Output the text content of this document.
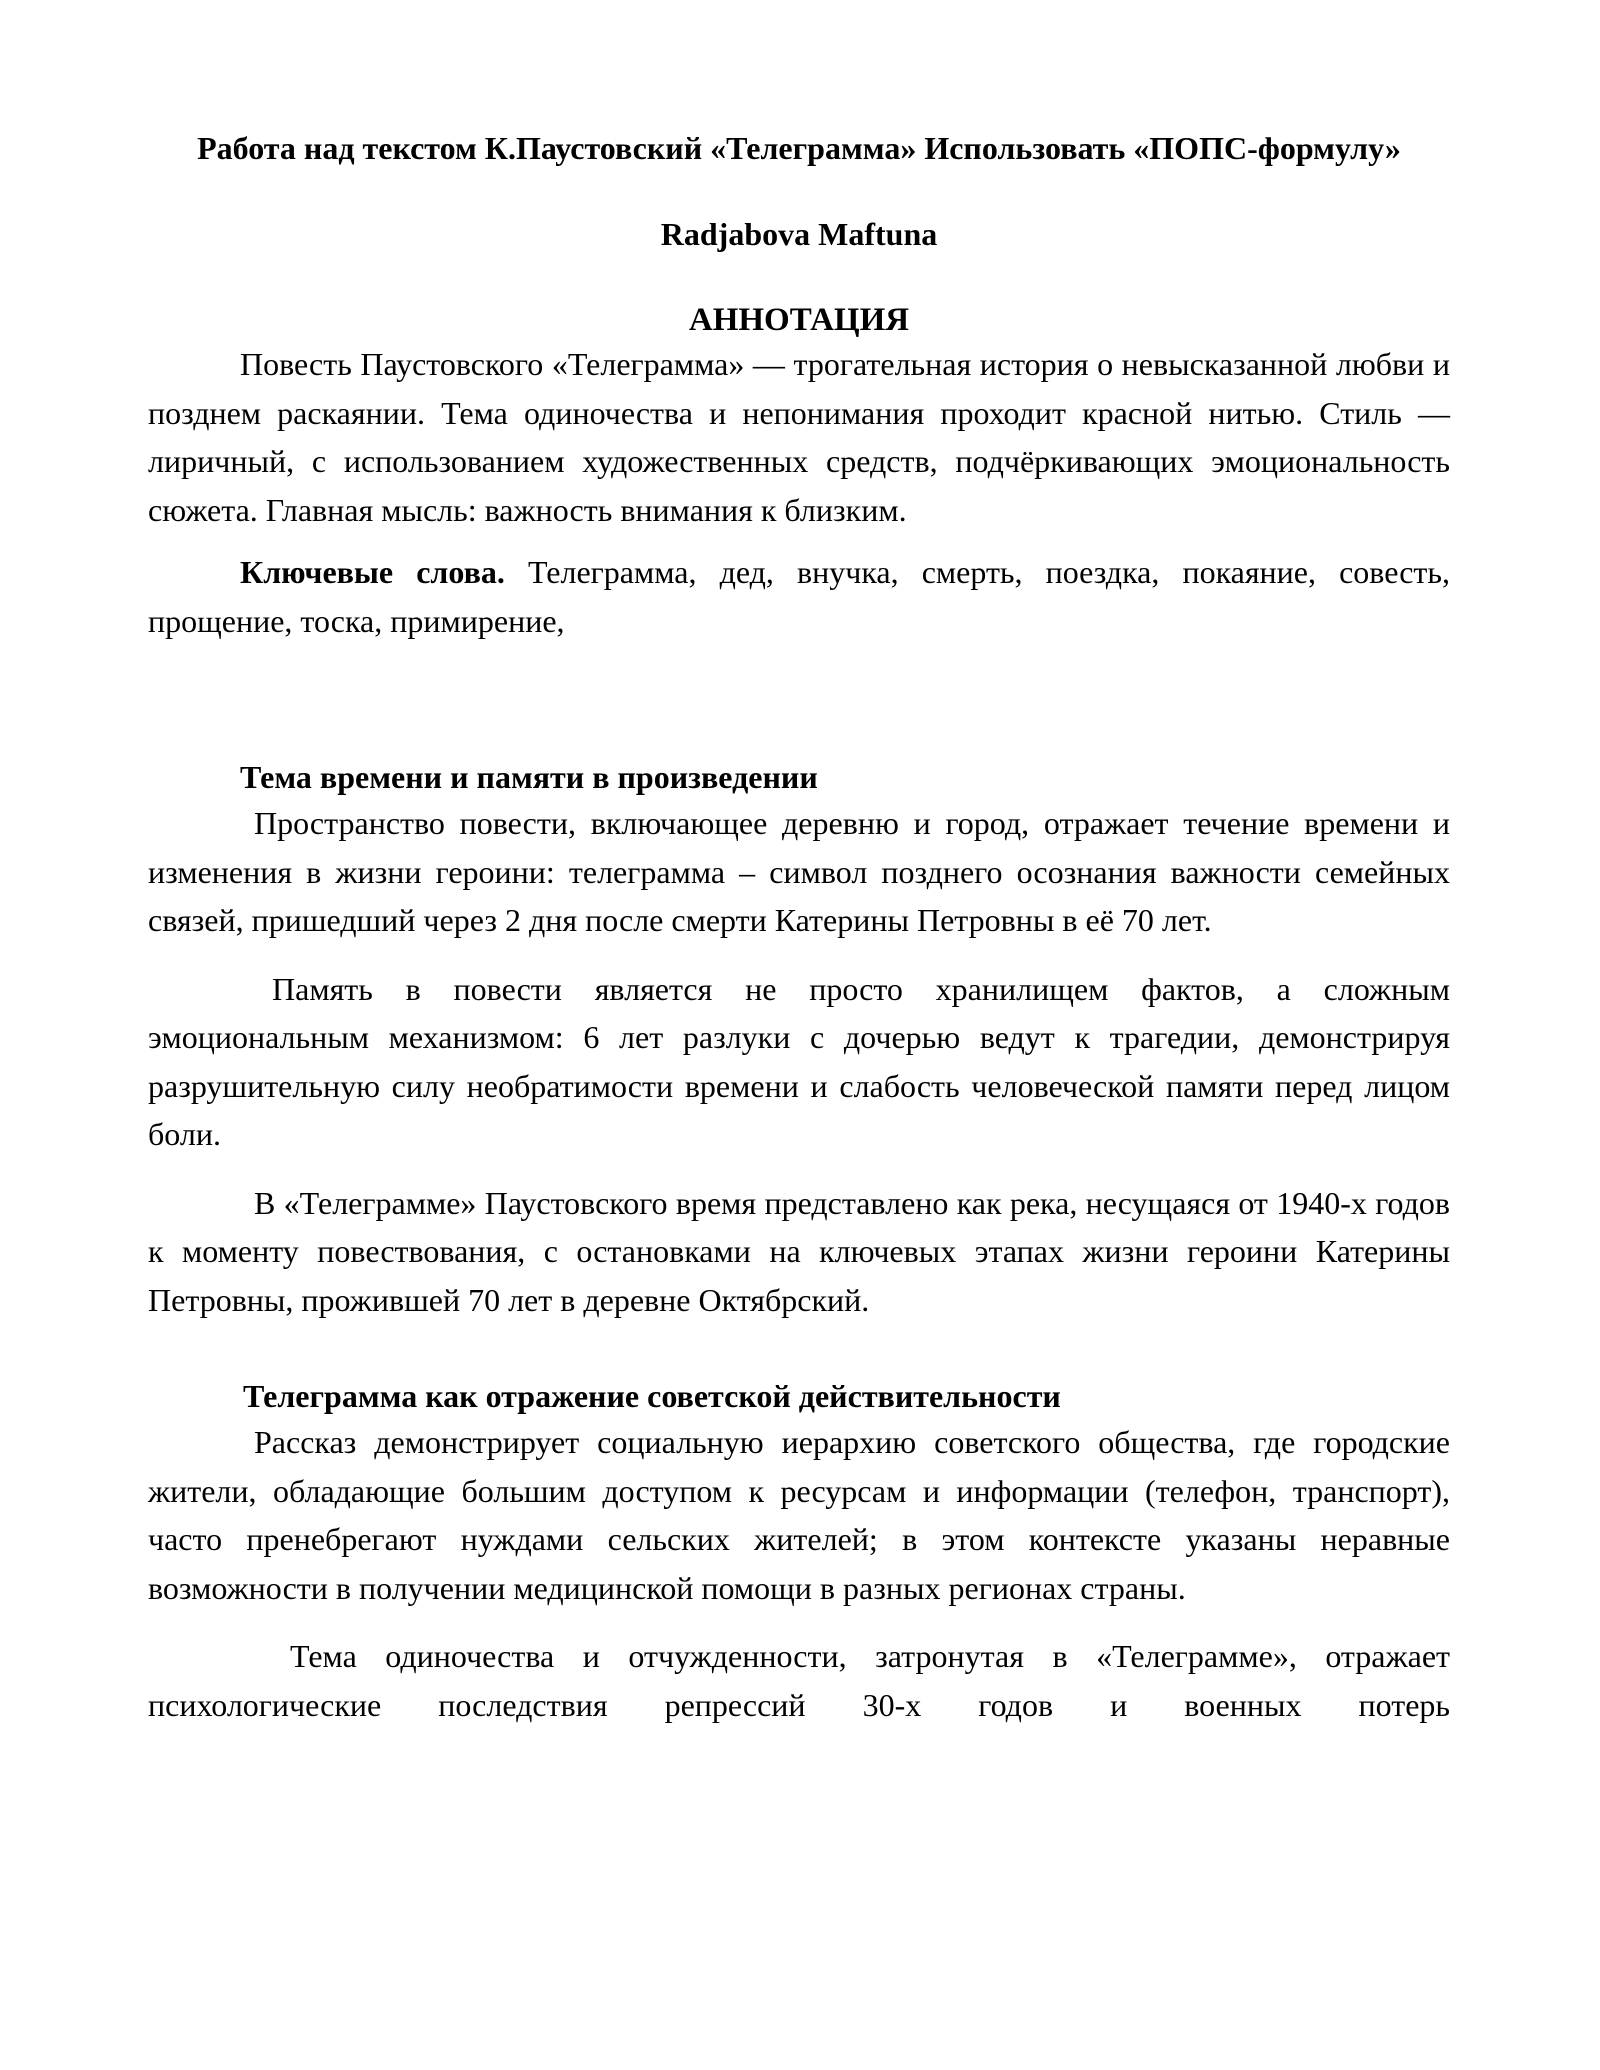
Работа над текстом К.Паустовский «Телеграмма» Использовать «ПОПС-формулу»
Radjabova Maftuna
АННОТАЦИЯ

Повесть Паустовского «Телеграмма» — трогательная история о невысказанной любви и позднем раскаянии. Тема одиночества и непонимания проходит красной нитью. Стиль — лиричный, с использованием художественных средств, подчёркивающих эмоциональность сюжета. Главная мысль: важность внимания к близким.

Ключевые слова. Телеграмма, дед, внучка, смерть, поездка, покаяние, совесть, прощение, тоска, примирение,

Тема времени и памяти в произведении

Пространство повести, включающее деревню и город, отражает течение времени и изменения в жизни героини: телеграмма – символ позднего осознания важности семейных связей, пришедший через 2 дня после смерти Катерины Петровны в её 70 лет.

Память в повести является не просто хранилищем фактов, а сложным эмоциональным механизмом: 6 лет разлуки с дочерью ведут к трагедии, демонстрируя разрушительную силу необратимости времени и слабость человеческой памяти перед лицом боли.

В «Телеграмме» Паустовского время представлено как река, несущаяся от 1940-х годов к моменту повествования, с остановками на ключевых этапах жизни героини Катерины Петровны, прожившей 70 лет в деревне Октябрский.

Телеграмма как отражение советской действительности

Рассказ демонстрирует социальную иерархию советского общества, где городские жители, обладающие большим доступом к ресурсам и информации (телефон, транспорт), часто пренебрегают нуждами сельских жителей; в этом контексте указаны неравные возможности в получении медицинской помощи в разных регионах страны.

Тема одиночества и отчужденности, затронутая в «Телеграмме», отражает психологические последствия репрессий 30-х годов и военных потерь
